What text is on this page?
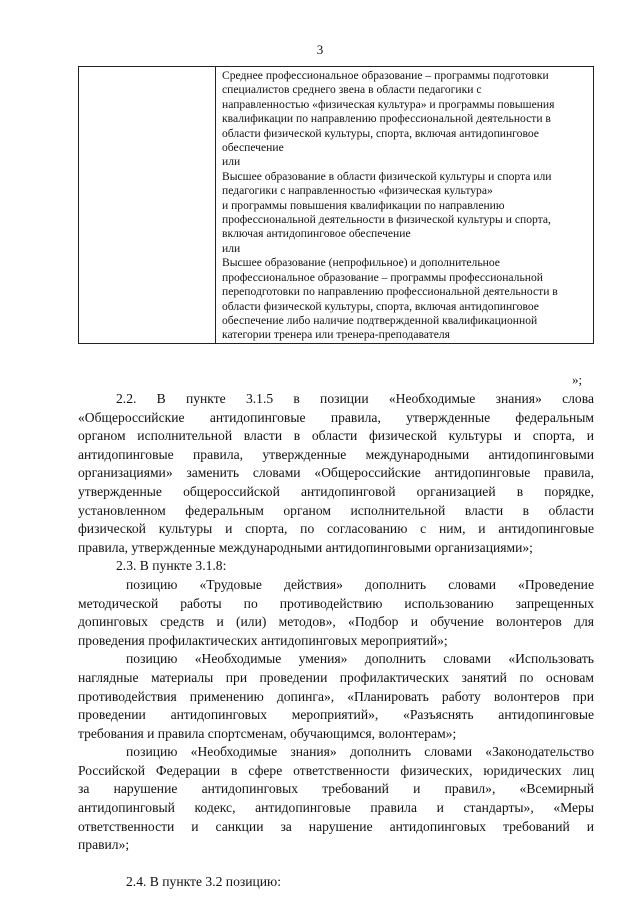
3

Среднее профессиональное образование – программы подготовки
специалистов среднего звена в области педагогики с
направленностью «физическая культура» и программы повышения
квалификации по направлению профессиональной деятельности в
области физической культуры, спорта, включая антидопинговое
обеспечение
или
Высшее образование в области физической культуры и спорта или
педагогики с направленностью «физическая культура»
и программы повышения квалификации по направлению
профессиональной деятельности в физической культуры и спорта,
включая антидопинговое обеспечение
или
Высшее образование (непрофильное) и дополнительное
профессиональное образование – программы профессиональной
переподготовки по направлению профессиональной деятельности в
области физической культуры, спорта, включая антидопинговое
обеспечение либо наличие подтвержденной квалификационной
категории тренера или тренера-преподавателя
»;
2.2. В пункте 3.1.5 в позиции «Необходимые знания» слова
«Общероссийские антидопинговые правила, утвержденные федеральным
органом исполнительной власти в области физической культуры и спорта, и
антидопинговые правила, утвержденные международными антидопинговыми
организациями» заменить словами «Общероссийские антидопинговые правила,
утвержденные общероссийской антидопинговой организацией в порядке,
установленном федеральным органом исполнительной власти в области
физической культуры и спорта, по согласованию с ним, и антидопинговые
правила, утвержденные международными антидопинговыми организациями»;
2.3. В пункте 3.1.8:
позицию «Трудовые действия» дополнить словами «Проведение
методической работы по противодействию использованию запрещенных
допинговых средств и (или) методов», «Подбор и обучение волонтеров для
проведения профилактических антидопинговых мероприятий»;
позицию «Необходимые умения» дополнить словами «Использовать
наглядные материалы при проведении профилактических занятий по основам
противодействия применению допинга», «Планировать работу волонтеров при
проведении антидопинговых мероприятий», «Разъяснять антидопинговые
требования и правила спортсменам, обучающимся, волонтерам»;
позицию «Необходимые знания» дополнить словами «Законодательство
Российской Федерации в сфере ответственности физических, юридических лиц
за нарушение антидопинговых требований и правил», «Всемирный
антидопинговый кодекс, антидопинговые правила и стандарты», «Меры
ответственности и санкции за нарушение антидопинговых требований и
правил»;
2.4. В пункте 3.2 позицию:
